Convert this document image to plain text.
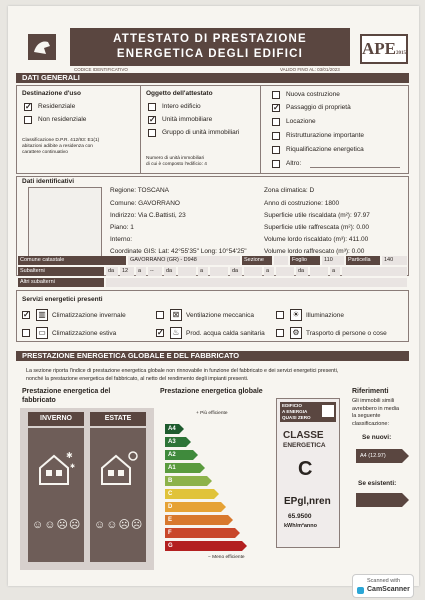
ATTESTATO DI PRESTAZIONE
ENERGETICA DEGLI EDIFICI
CODICE IDENTIFICATIVO	VALIDO FINO AL: 03/01/2023
APE2015
DATI GENERALI
Destinazione d'uso
✓ Residenziale
Non residenziale
Classificazione D.P.R. 412/93: E1(1)
abitazioni adibite a residenza con
carattere continuativo
Oggetto dell'attestato
Intero edificio
✓ Unità immobiliare
Gruppo di unità immobiliari
Numero di unità immobiliari
di cui è composto l'edificio: 4
Nuova costruzione
✓ Passaggio di proprietà
Locazione
Ristrutturazione importante
Riqualificazione energetica
Altro:
Dati identificativi
Regione: TOSCANA
Comune: GAVORRANO
Indirizzo: Via C.Battisti, 23
Piano: 1
Interno:
Coordinate GIS: Lat: 42°55'35" Long: 10°54'25"
Zona climatica: D
Anno di costruzione: 1800
Superficie utile riscaldata (m²): 97.97
Superficie utile raffrescata (m²): 0.00
Volume lordo riscaldato (m³): 411.00
Volume lordo raffrescato (m³): 0.00
Comune catastale	GAVORRANO (GR) - D948	Sezione	Foglio	110	Particella	140
Subalterni	da	12	a	--	da	a	da	a	da	a
Altri subalterni
Servizi energetici presenti
✓ ▥ Climatizzazione invernale
▭ Climatizzazione estiva
⊠	Ventilazione meccanica
✓	♨ Prod. acqua calda sanitaria
☀ Illuminazione
⚙ Trasporto di persone o cose
PRESTAZIONE ENERGETICA GLOBALE E DEL FABBRICATO
La sezione riporta l'indice di prestazione energetica globale non rinnovabile in funzione del fabbricato e dei servizi energetici presenti,
nonché la prestazione energetica del fabbricato, al netto del rendimento degli impianti presenti.
Prestazione energetica del
fabbricato
INVERNO	ESTATE
✱
✱
☺☺☹☹ ☺☺☹☹
Prestazione energetica globale
+ Più efficiente
− Meno efficiente
EDIFICIO
A ENERGIA
QUASI ZERO
CLASSE
ENERGETICA
C
EPgl,nren
65.9500
kWh/m²anno
Riferimenti
Gli immobili simili
avrebbero in media
la seguente
classificazione:
Se nuovi:
A4 (12.97)
Se esistenti:
A4
A3
A2
A1
B
C
D
E
F
G
Scanned with
CamScanner
